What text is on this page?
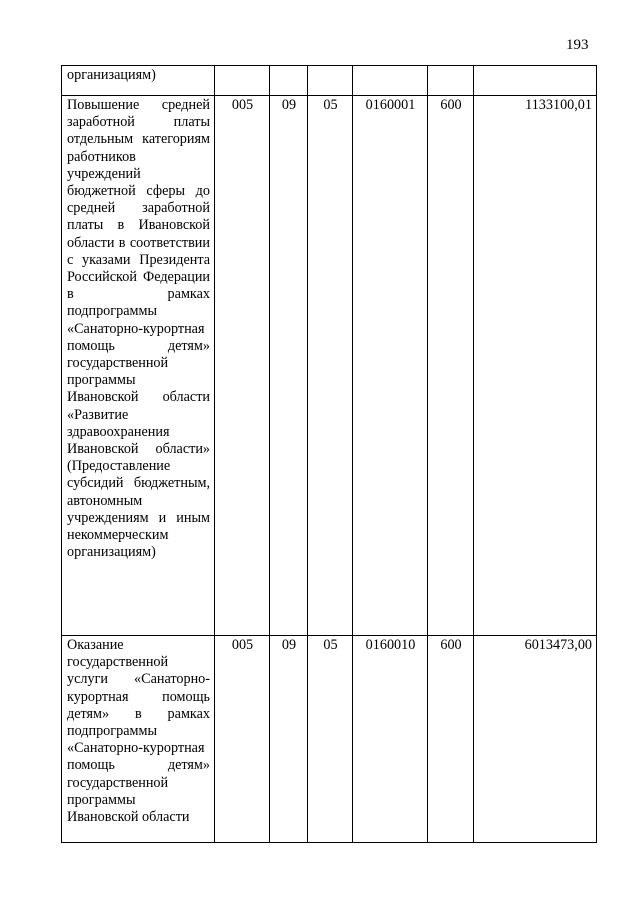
193
организациям)						
Повышение средней заработной платы отдельным категориям работников учреждений бюджетной сферы до средней заработной платы в Ивановской области в соответствии с указами Президента Российской Федерации в рамках подпрограммы «Санаторно-курортная помощь детям» государственной программы Ивановской области «Развитие здравоохранения Ивановской области» (Предоставление субсидий бюджетным, автономным учреждениям и иным некоммерческим организациям)	005	09	05	0160001	600	1133100,01
Оказание государственной услуги «Санаторно-курортная помощь детям» в рамках подпрограммы «Санаторно-курортная помощь детям» государственной программы Ивановской области	005	09	05	0160010	600	6013473,00
